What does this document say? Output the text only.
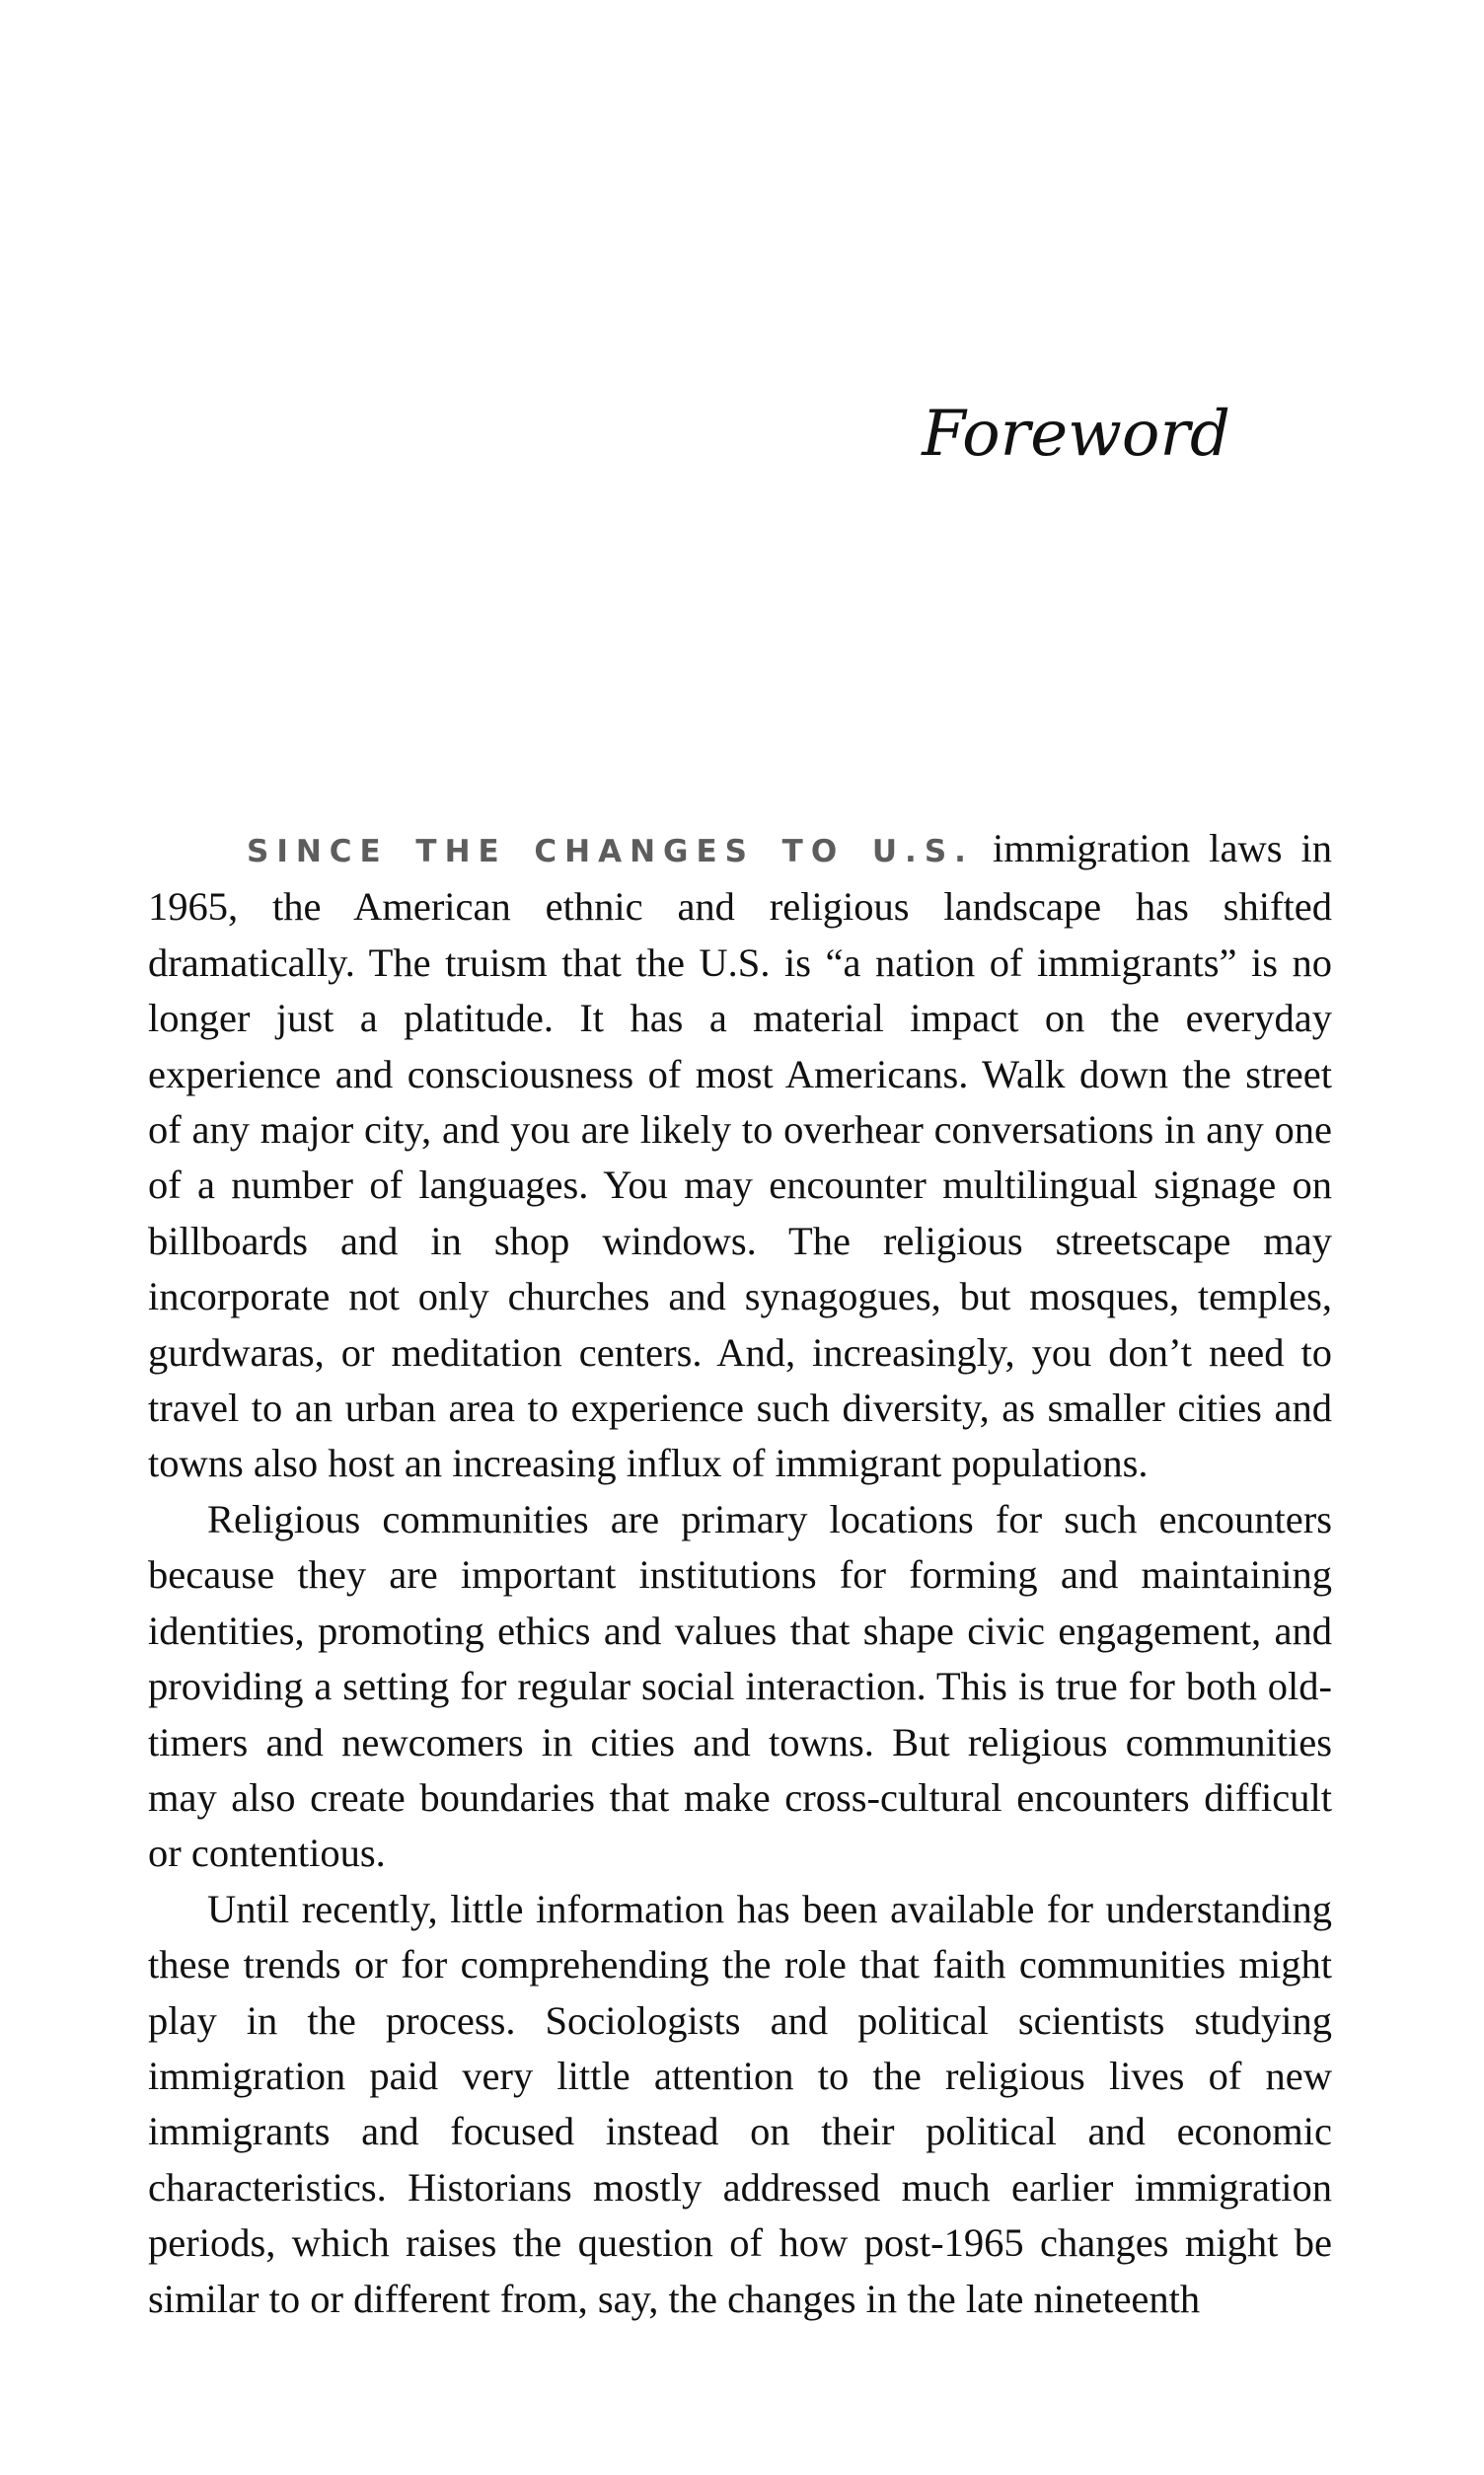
Foreword

SINCE THE CHANGES TO U.S. immigration laws in 1965, the American ethnic and religious landscape has shifted dramatically. The truism that the U.S. is “a nation of immigrants” is no longer just a platitude. It has a material impact on the everyday experience and consciousness of most Americans. Walk down the street of any major city, and you are likely to overhear conversations in any one of a number of languages. You may encounter multilingual signage on billboards and in shop windows. The religious streetscape may incorporate not only churches and synagogues, but mosques, temples, gurdwaras, or meditation centers. And, increasingly, you don’t need to travel to an urban area to experience such diversity, as smaller cities and towns also host an increasing influx of immigrant populations.

Religious communities are primary locations for such encounters because they are important institutions for forming and maintaining identities, promoting ethics and values that shape civic engagement, and providing a setting for regular social interaction. This is true for both old-timers and newcomers in cities and towns. But religious communities may also create boundaries that make cross-cultural encounters difficult or contentious.

Until recently, little information has been available for understanding these trends or for comprehending the role that faith communities might play in the process. Sociologists and political scientists studying immigration paid very little attention to the religious lives of new immigrants and focused instead on their political and economic characteristics. Historians mostly addressed much earlier immigration periods, which raises the question of how post-1965 changes might be similar to or different from, say, the changes in the late nineteenth
